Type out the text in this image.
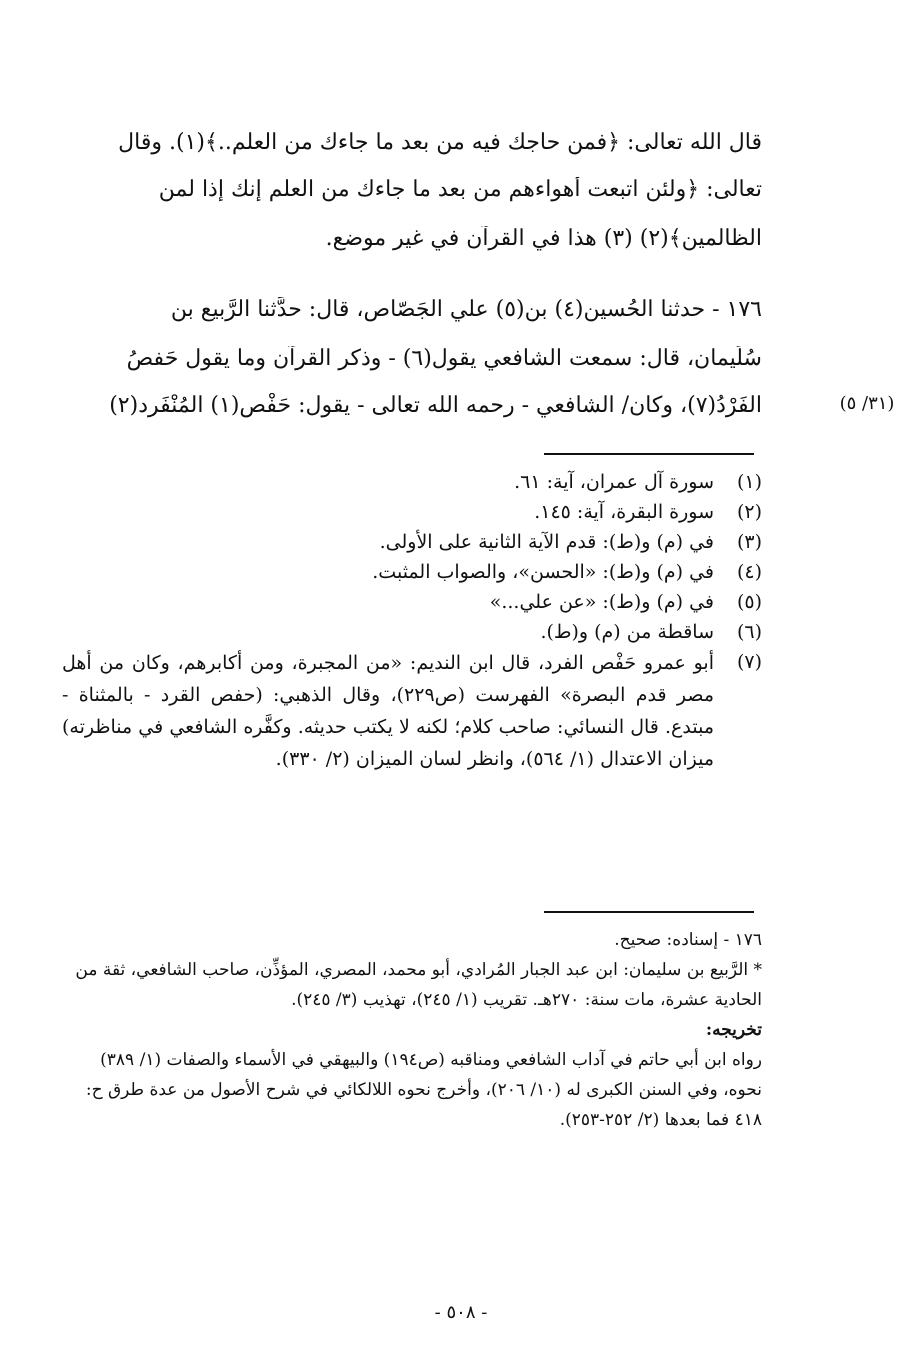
قال الله تعالى: ﴿فمن حاجك فيه من بعد ما جاءك من العلم..﴾(١). وقال
تعالى: ﴿ولئن اتبعت أهواءهم من بعد ما جاءك من العلم إنك إذا لمن
الظالمين﴾(٢) (٣) هذا في القرآن في غير موضع.
١٧٦ - حدثنا الحُسين(٤) بن(٥) علي الجَصّاص، قال: حدَّثنا الرَّبيع بن
سُلَيمان، قال: سمعت الشافعي يقول(٦) - وذكر القرآن وما يقول حَفصُ
الفَرْدُ(٧)، وكان/ الشافعي - رحمه الله تعالى - يقول: حَفْص(١) المُنْفَرِد(٢)	(٣١/ ٥)
(١)
سورة آل عمران، آية: ٦١.
(٢)
سورة البقرة، آية: ١٤٥.
(٣)
في (م) و(ط): قدم الآية الثانية على الأولى.
(٤)
في (م) و(ط): «الحسن»، والصواب المثبت.
(٥)
في (م) و(ط): «عن علي...»
(٦)
ساقطة من (م) و(ط).
(٧)
أبو عمرو حَفْص الفرد، قال ابن النديم: «من المجبرة، ومن أكابرهم، وكان من أهل مصر قدم البصرة» الفهرست (ص٢٢٩)، وقال الذهبي: (حفص القرد - بالمثناة - مبتدع. قال النسائي: صاحب كلام؛ لكنه لا يكتب حديثه. وكفَّره الشافعي في مناظرته) ميزان الاعتدال (١/ ٥٦٤)، وانظر لسان الميزان (٢/ ٣٣٠).

١٧٦ - إسناده: صحيح.

* الرَّبيع بن سليمان: ابن عبد الجبار المُرادي، أبو محمد، المصري، المؤذِّن، صاحب الشافعي، ثقة من الحادية عشرة، مات سنة: ٢٧٠هـ. تقريب (١/ ٢٤٥)، تهذيب (٣/ ٢٤٥).

تخريجه:

رواه ابن أبي حاتم في آداب الشافعي ومناقبه (ص١٩٤) والبيهقي في الأسماء والصفات (١/ ٣٨٩) نحوه، وفي السنن الكبرى له (١٠/ ٢٠٦)، وأخرج نحوه اللالكائي في شرح الأصول من عدة طرق ح: ٤١٨ فما بعدها (٢/ ٢٥٢-٢٥٣).

- ٥٠٨ -
